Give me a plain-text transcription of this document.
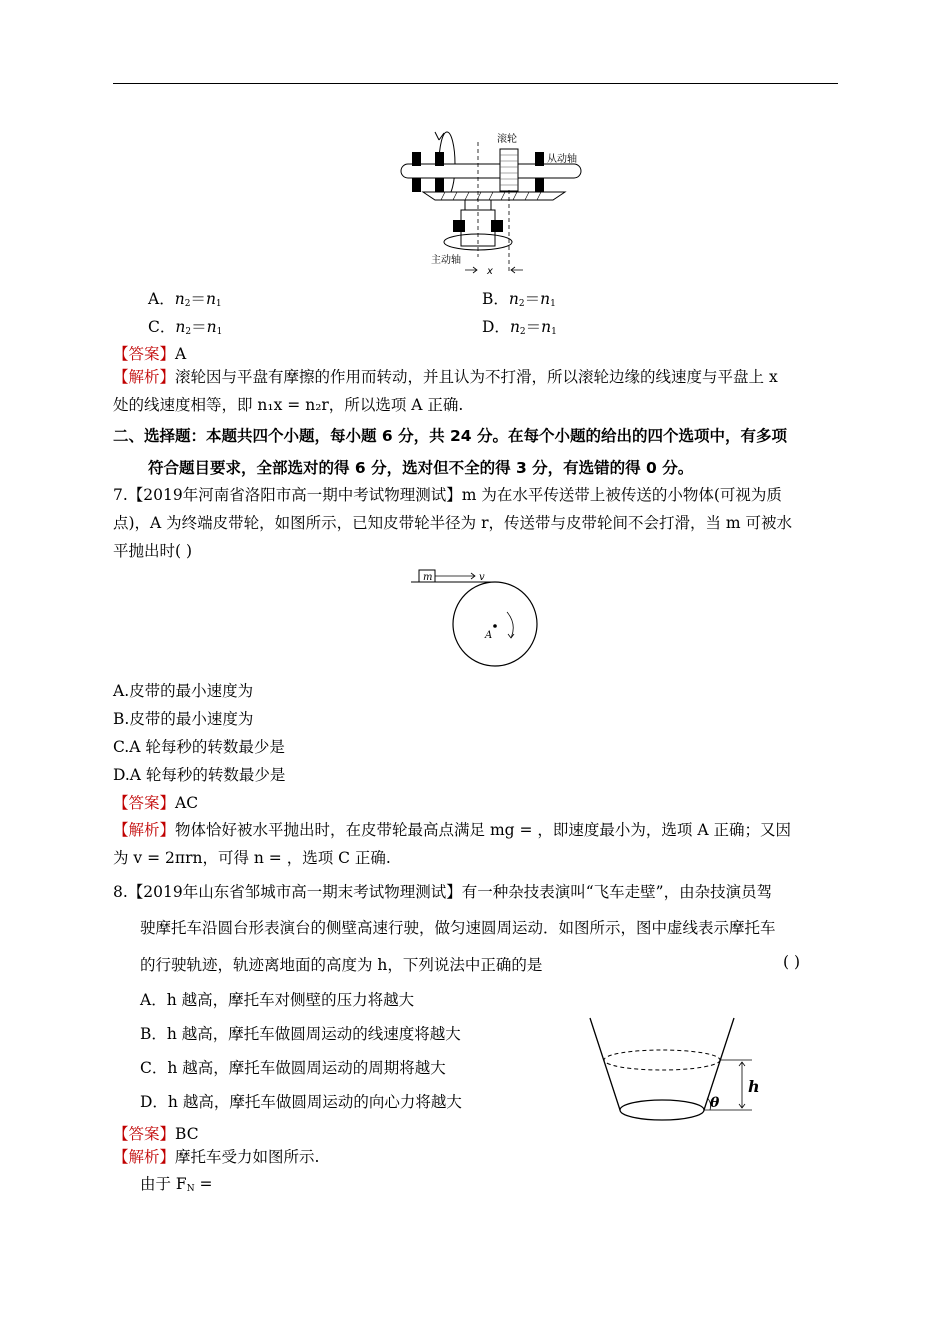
滚轮
从动轴
主动轴
x
A．$n_2=n_1$	B．$n_2=n_1$
C．$n_2=n_1$	D．$n_2=n_1$
【答案】A
【解析】滚轮因与平盘有摩擦的作用而转动，并且认为不打滑，所以滚轮边缘的线速度与平盘上 x
处的线速度相等，即 n₁x = n₂r，所以选项 A 正确.
二、选择题：本题共四个小题，每小题 6 分，共 24 分。在每个小题的给出的四个选项中，有多项
符合题目要求，全部选对的得 6 分，选对但不全的得 3 分，有选错的得 0 分。
7.【2019年河南省洛阳市高一期中考试物理测试】m 为在水平传送带上被传送的小物体(可视为质
点)，A 为终端皮带轮，如图所示，已知皮带轮半径为 r，传送带与皮带轮间不会打滑，当 m 可被水
平抛出时( )
m	v
A
A.皮带的最小速度为
B.皮带的最小速度为
C.A 轮每秒的转数最少是
D.A 轮每秒的转数最少是
【答案】AC
【解析】物体恰好被水平抛出时，在皮带轮最高点满足 mg = ，即速度最小为，选项 A 正确；又因
为 v = 2πrn，可得 n = ，选项 C 正确.
8.【2019年山东省邹城市高一期末考试物理测试】有一种杂技表演叫“飞车走壁”，由杂技演员驾
驶摩托车沿圆台形表演台的侧壁高速行驶，做匀速圆周运动．如图所示，图中虚线表示摩托车
的行驶轨迹，轨迹离地面的高度为 h，下列说法中正确的是	( )
A．h 越高，摩托车对侧壁的压力将越大
B．h 越高，摩托车做圆周运动的线速度将越大
C．h 越高，摩托车做圆周运动的周期将越大
D．h 越高，摩托车做圆周运动的向心力将越大
h
θ
【答案】BC
【解析】摩托车受力如图所示.
由于 $F_N$ =
